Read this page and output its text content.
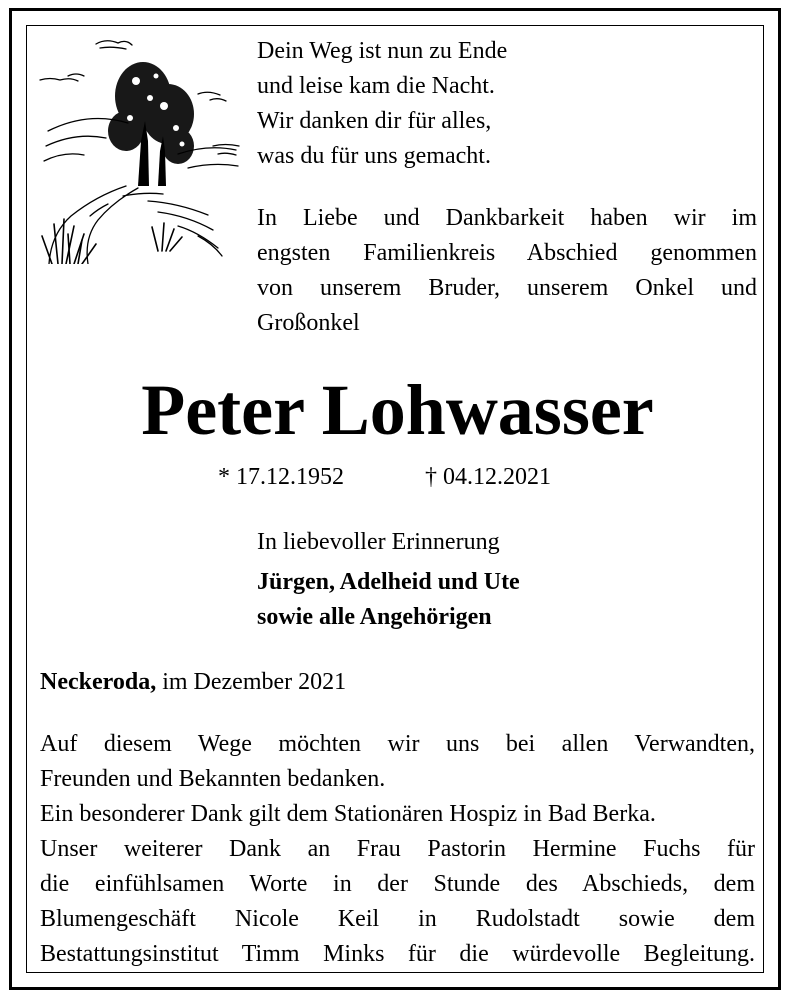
Dein Weg ist nun zu Ende
und leise kam die Nacht.
Wir danken dir für alles,
was du für uns gemacht.
In Liebe und Dankbarkeit haben wir im
engsten Familienkreis Abschied genommen
von unserem Bruder, unserem Onkel und
Großonkel
Peter Lohwasser
* 17.12.1952	† 04.12.2021
In liebevoller Erinnerung
Jürgen, Adelheid und Ute
sowie alle Angehörigen
Neckeroda, im Dezember 2021
Auf diesem Wege möchten wir uns bei allen Verwandten,
Freunden und Bekannten bedanken.
Ein besonderer Dank gilt dem Stationären Hospiz in Bad Berka.
Unser weiterer Dank an Frau Pastorin Hermine Fuchs für
die einfühlsamen Worte in der Stunde des Abschieds, dem
Blumengeschäft Nicole Keil in Rudolstadt sowie dem
Bestattungsinstitut Timm Minks für die würdevolle Begleitung.
